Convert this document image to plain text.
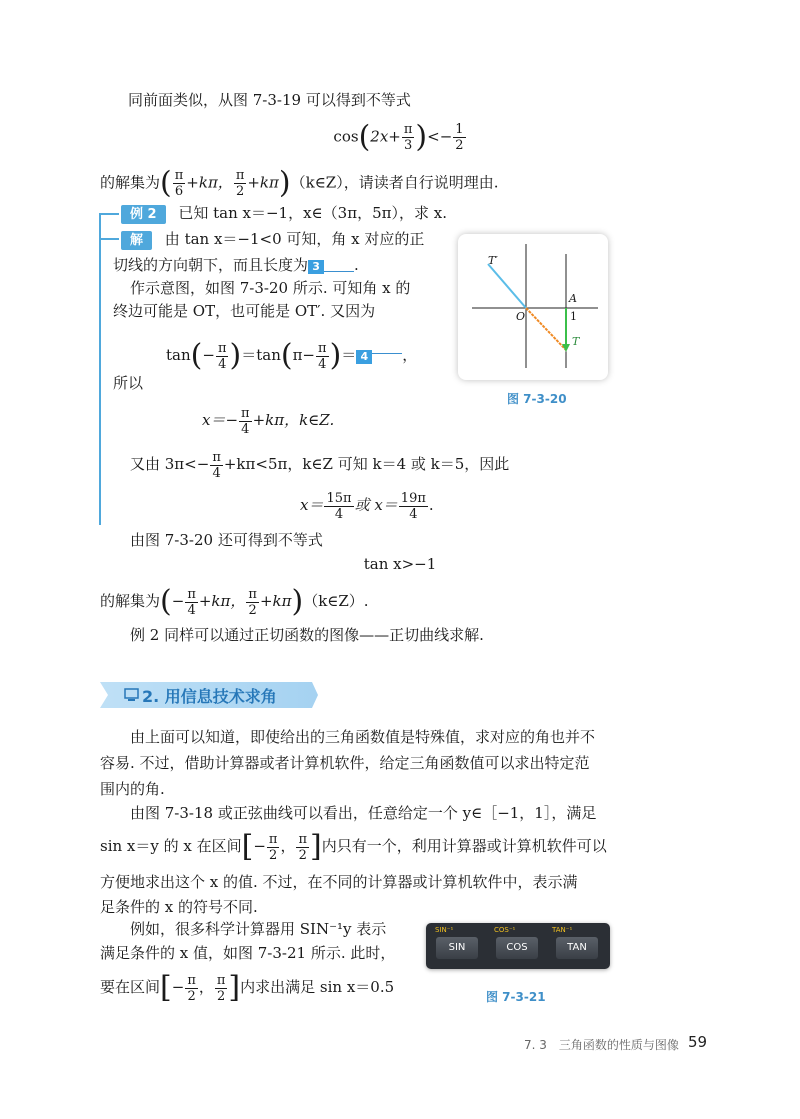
同前面类似，从图 7-3-19 可以得到不等式
$\cos(2x+ \frac{\pi}{3}$ )<− $\frac{1}{2}$
的解集为( $\frac{\pi}{6} +k\pi$， $\frac{\pi}{2}$ +kπ)（k∈Z），请读者自行说明理由.
例 2 已知 tan x＝−1，x∈（3π，5π），求 x.
解 由 tan x＝−1<0 可知，角 x 对应的正
切线的方向朝下，而且长度为 3 .
作示意图，如图 7-3-20 所示. 可知角 x 的
终边可能是 OT，也可能是 OT′. 又因为
$\tan(- \frac{\pi}{4} )=\tan(\pi- \frac{\pi}{4}$ )＝ 4 ，
所以
$x=- \frac{\pi}{4} +k\pi$，k∈Z.
又由 $3\pi<- \frac{\pi}{4} +k\pi<5\pi$，k∈Z 可知 k＝4 或 k＝5，因此
$x= \frac{15\pi}{4}$ 或 $x= \frac{19\pi}{4}$ .
T′
A
O	1
T
图 7-3-20
由图 7-3-20 还可得到不等式
tan x>−1
的解集为(− $\frac{\pi}{4} +k\pi$， $\frac{\pi}{2}$ +kπ)（k∈Z）.
例 2 同样可以通过正切函数的图像——正切曲线求解.
2. 用信息技术求角
由上面可以知道，即使给出的三角函数值是特殊值，求对应的角也并不
容易. 不过，借助计算器或者计算机软件，给定三角函数值可以求出特定范
围内的角.
由图 7-3-18 或正弦曲线可以看出，任意给定一个 y∈［−1，1］，满足
sin x＝y 的 x 在区间[− $\frac{\pi}{2}$ ， $\frac{\pi}{2}$ ]内只有一个，利用计算器或计算机软件可以
方便地求出这个 x 的值. 不过，在不同的计算器或计算机软件中，表示满
足条件的 x 的符号不同.
例如，很多科学计算器用 SIN⁻¹y 表示
满足条件的 x 值，如图 7-3-21 所示. 此时，
要在区间[− $\frac{\pi}{2}$ ， $\frac{\pi}{2}$ ]内求出满足 sin x＝0.5
SIN⁻¹	COS⁻¹	TAN⁻¹
SIN	COS	TAN
图 7-3-21
7. 3　三角函数的性质与图像 59
